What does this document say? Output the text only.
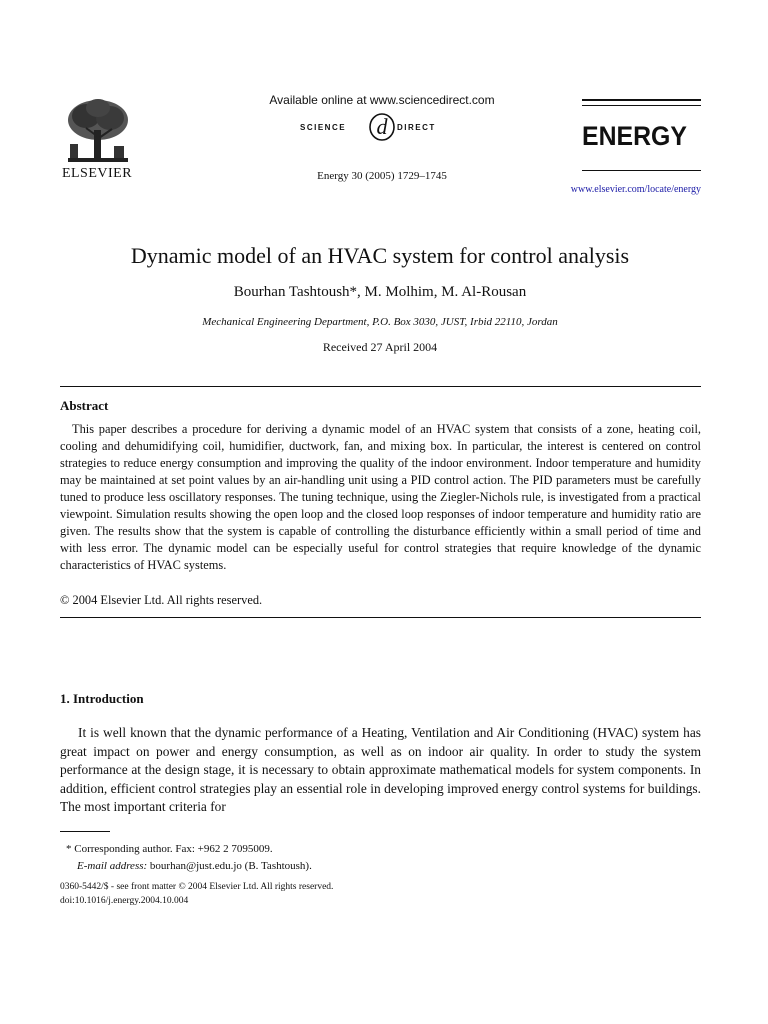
ELSEVIER
Available online at www.sciencedirect.com
SCIENCE d DIRECT
Energy 30 (2005) 1729–1745
ENERGY
www.elsevier.com/locate/energy
Dynamic model of an HVAC system for control analysis
Bourhan Tashtoush*, M. Molhim, M. Al-Rousan
Mechanical Engineering Department, P.O. Box 3030, JUST, Irbid 22110, Jordan
Received 27 April 2004
Abstract

This paper describes a procedure for deriving a dynamic model of an HVAC system that consists of a zone, heating coil, cooling and dehumidifying coil, humidifier, ductwork, fan, and mixing box. In particular, the interest is centered on control strategies to reduce energy consumption and improving the quality of the indoor environment. Indoor temperature and humidity may be maintained at set point values by an air-handling unit using a PID control action. The PID parameters must be carefully tuned to produce less oscillatory responses. The tuning technique, using the Ziegler-Nichols rule, is investigated from a practical viewpoint. Simulation results showing the open loop and the closed loop responses of indoor temperature and humidity ratio are given. The results show that the system is capable of controlling the disturbance efficiently within a small period of time and with less error. The dynamic model can be especially useful for control strategies that require knowledge of the dynamic characteristics of HVAC systems.

© 2004 Elsevier Ltd. All rights reserved.
1. Introduction

It is well known that the dynamic performance of a Heating, Ventilation and Air Conditioning (HVAC) system has great impact on power and energy consumption, as well as on indoor air quality. In order to study the system performance at the design stage, it is necessary to obtain approximate mathematical models for system components. In addition, efficient control strategies play an essential role in developing improved energy control systems for buildings. The most important criteria for

* Corresponding author. Fax: +962 2 7095009.
E-mail address: bourhan@just.edu.jo (B. Tashtoush).
0360-5442/$ - see front matter © 2004 Elsevier Ltd. All rights reserved.
doi:10.1016/j.energy.2004.10.004
